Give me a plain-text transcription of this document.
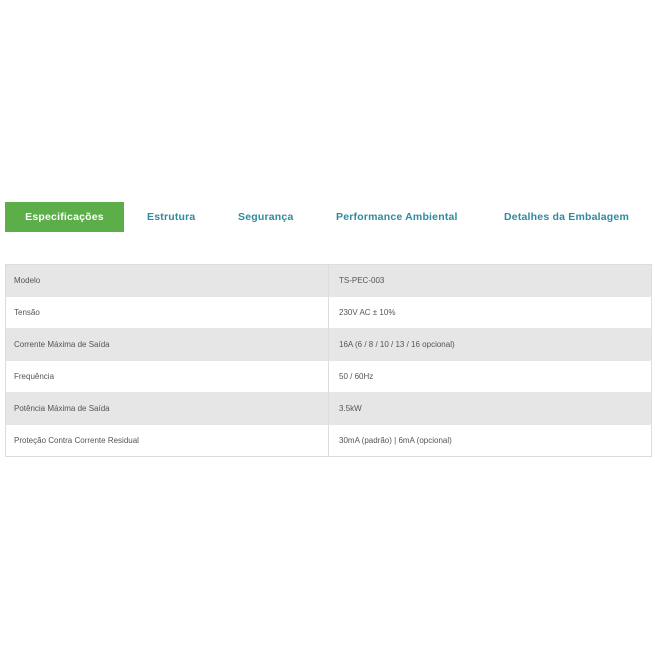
Especificações	Estrutura	Segurança	Performance Ambiental	Detalhes da Embalagem
Modelo	TS-PEC-003
Tensão	230V AC ± 10%
Corrente Máxima de Saída	16A (6 / 8 / 10 / 13 / 16 opcional)
Frequência	50 / 60Hz
Potência Máxima de Saída	3.5kW
Proteção Contra Corrente Residual	30mA (padrão) | 6mA (opcional)
